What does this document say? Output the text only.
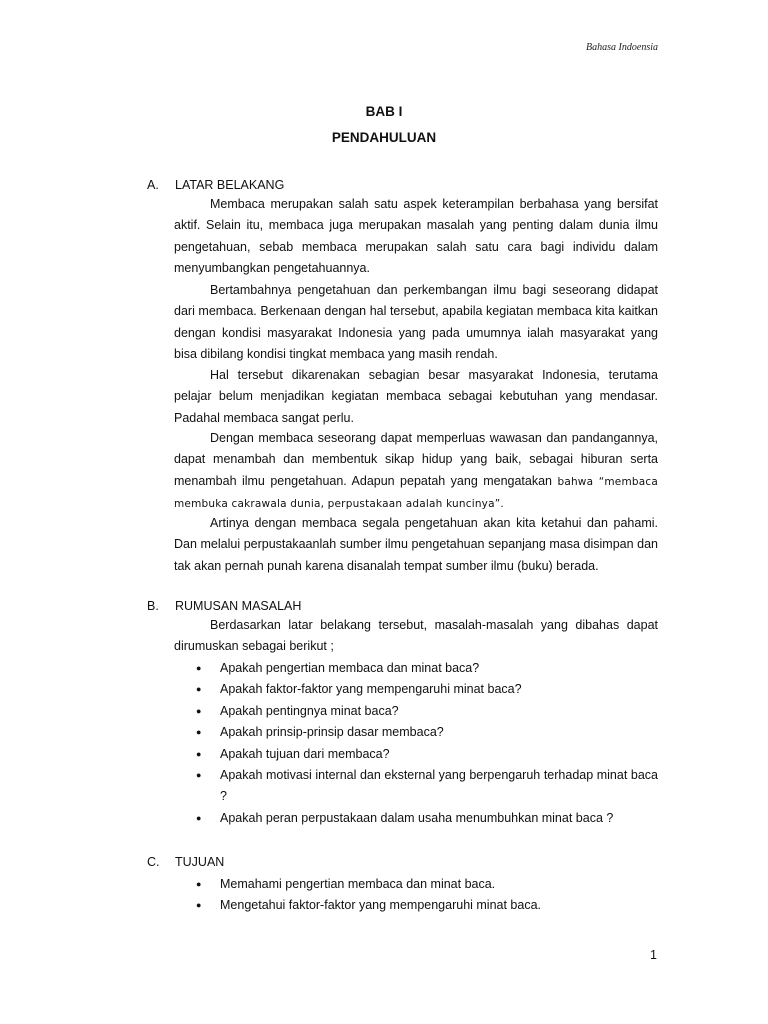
Bahasa Indoensia
BAB I
PENDAHULUAN
A. LATAR BELAKANG

Membaca merupakan salah satu aspek keterampilan berbahasa yang bersifat aktif. Selain itu, membaca juga merupakan masalah yang penting dalam dunia ilmu pengetahuan, sebab membaca merupakan salah satu cara bagi individu dalam menyumbangkan pengetahuannya.

Bertambahnya pengetahuan dan perkembangan ilmu bagi seseorang didapat dari membaca. Berkenaan dengan hal tersebut, apabila kegiatan membaca kita kaitkan dengan kondisi masyarakat Indonesia yang pada umumnya ialah masyarakat yang bisa dibilang kondisi tingkat membaca yang masih rendah.

Hal tersebut dikarenakan sebagian besar masyarakat Indonesia, terutama pelajar belum menjadikan kegiatan membaca sebagai kebutuhan yang mendasar. Padahal membaca sangat perlu.

Dengan membaca seseorang dapat memperluas wawasan dan pandangannya, dapat menambah dan membentuk sikap hidup yang baik, sebagai hiburan serta menambah ilmu pengetahuan. Adapun pepatah yang mengatakan bahwa “membaca membuka cakrawala dunia, perpustakaan adalah kuncinya”.

Artinya dengan membaca segala pengetahuan akan kita ketahui dan pahami. Dan melalui perpustakaanlah sumber ilmu pengetahuan sepanjang masa disimpan dan tak akan pernah punah karena disanalah tempat sumber ilmu (buku) berada.

B. RUMUSAN MASALAH

Berdasarkan latar belakang tersebut, masalah-masalah yang dibahas dapat dirumuskan sebagai berikut ;

● Apakah pengertian membaca dan minat baca?
● Apakah faktor-faktor yang mempengaruhi minat baca?
● Apakah pentingnya minat baca?
● Apakah prinsip-prinsip dasar membaca?
● Apakah tujuan dari membaca?
● Apakah motivasi internal dan eksternal yang berpengaruh terhadap minat baca ?
● Apakah peran perpustakaan dalam usaha menumbuhkan minat baca ?
C. TUJUAN
● Memahami pengertian membaca dan minat baca.
● Mengetahui faktor-faktor yang mempengaruhi minat baca.
1
